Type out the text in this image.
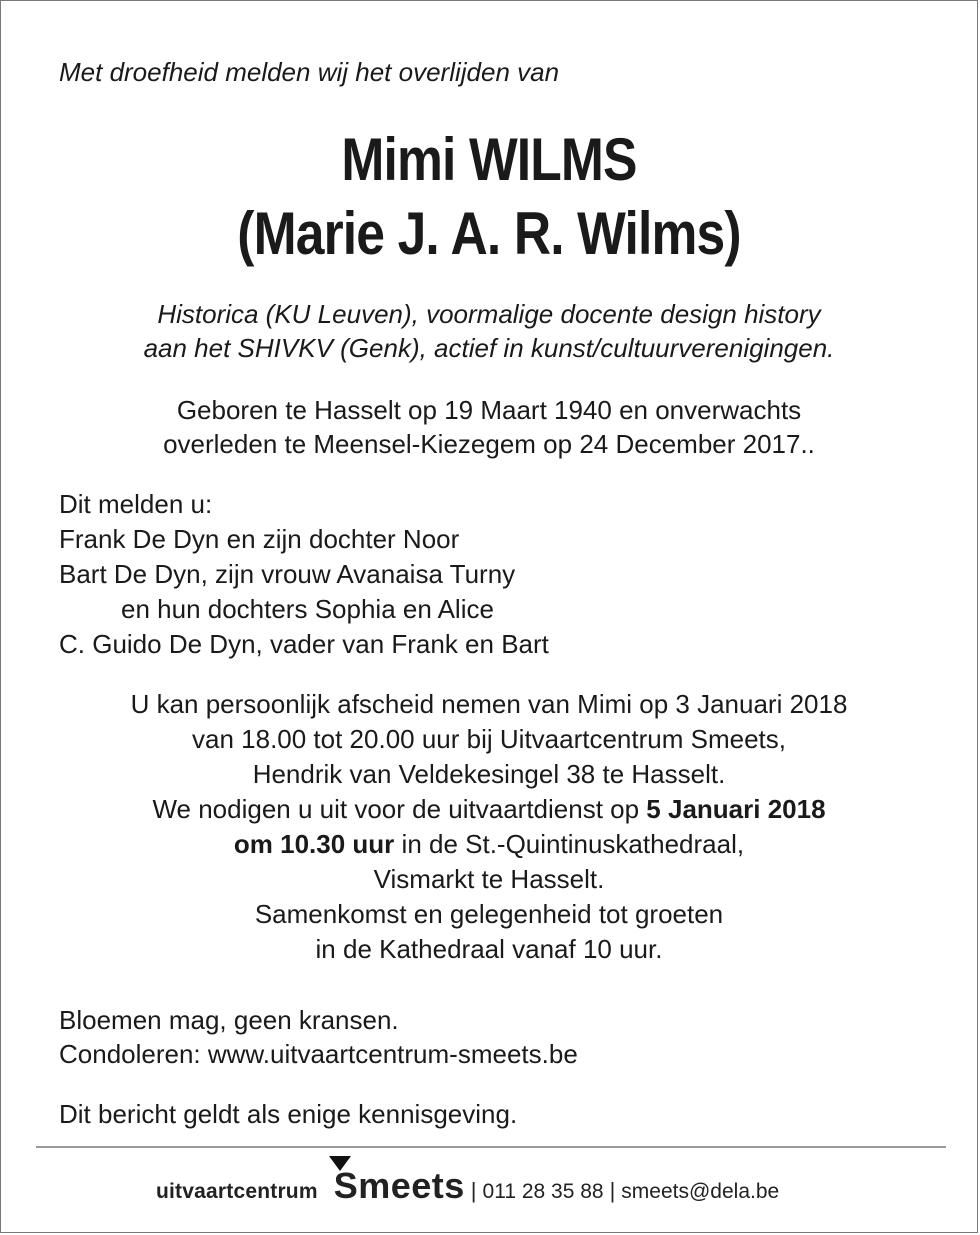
Met droefheid melden wij het overlijden van
Mimi WILMS
(Marie J. A. R. Wilms)
Historica (KU Leuven), voormalige docente design history
aan het SHIVKV (Genk), actief in kunst/cultuurverenigingen.
Geboren te Hasselt op 19 Maart 1940 en onverwachts
overleden te Meensel-Kiezegem op 24 December 2017..
Dit melden u:
Frank De Dyn en zijn dochter Noor
Bart De Dyn, zijn vrouw Avanaisa Turny
en hun dochters Sophia en Alice
C. Guido De Dyn, vader van Frank en Bart
U kan persoonlijk afscheid nemen van Mimi op 3 Januari 2018
van 18.00 tot 20.00 uur bij Uitvaartcentrum Smeets,
Hendrik van Veldekesingel 38 te Hasselt.
We nodigen u uit voor de uitvaartdienst op 5 Januari 2018
om 10.30 uur in de St.-Quintinuskathedraal,
Vismarkt te Hasselt.
Samenkomst en gelegenheid tot groeten
in de Kathedraal vanaf 10 uur.
Bloemen mag, geen kransen.
Condoleren: www.uitvaartcentrum-smeets.be
Dit bericht geldt als enige kennisgeving.
uitvaartcentrum Smeets | 011 28 35 88 | smeets@dela.be
